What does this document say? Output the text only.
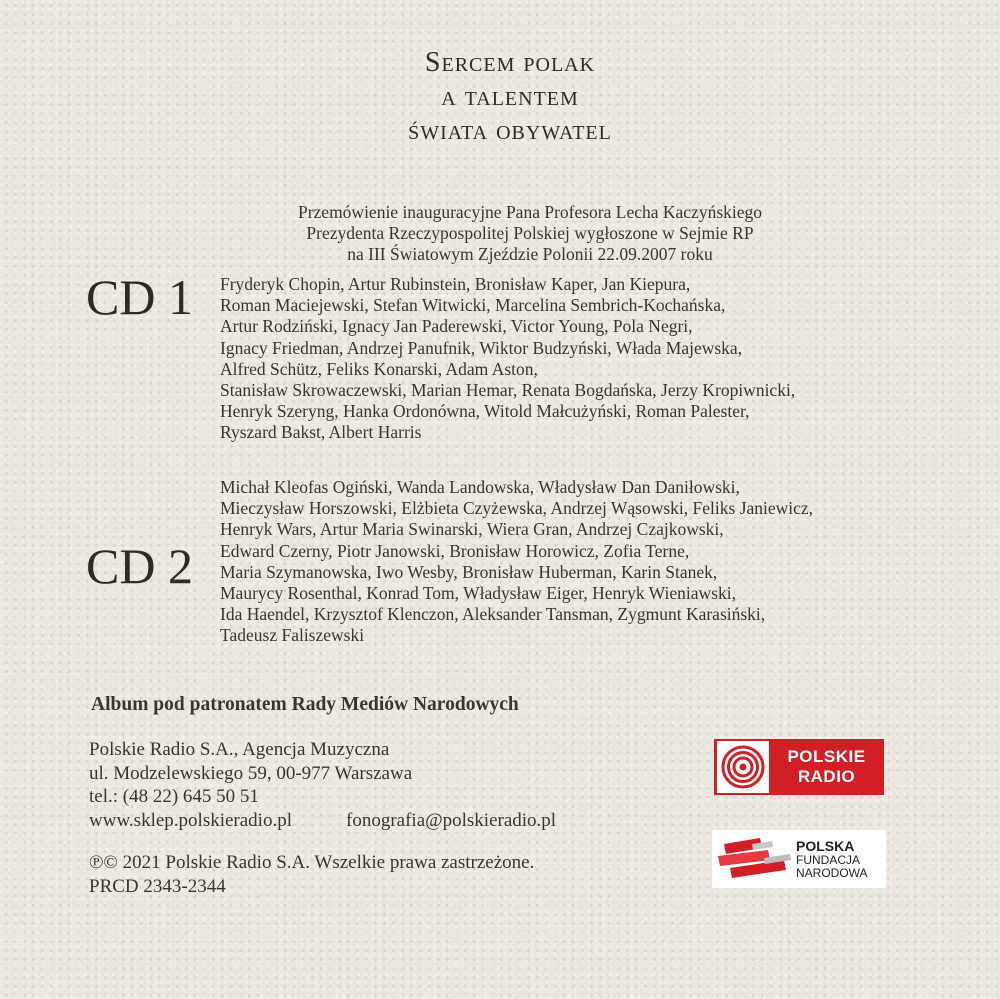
Sercem polak
a talentem
świata obywatel
Przemówienie inauguracyjne Pana Profesora Lecha Kaczyńskiego
Prezydenta Rzeczypospolitej Polskiej wygłoszone w Sejmie RP
na III Światowym Zjeździe Polonii 22.09.2007 roku
CD 1 Fryderyk Chopin, Artur Rubinstein, Bronisław Kaper, Jan Kiepura,
Roman Maciejewski, Stefan Witwicki, Marcelina Sembrich-Kochańska,
Artur Rodziński, Ignacy Jan Paderewski, Victor Young, Pola Negri,
Ignacy Friedman, Andrzej Panufnik, Wiktor Budzyński, Włada Majewska,
Alfred Schütz, Feliks Konarski, Adam Aston,
Stanisław Skrowaczewski, Marian Hemar, Renata Bogdańska, Jerzy Kropiwnicki,
Henryk Szeryng, Hanka Ordonówna, Witold Małcużyński, Roman Palester,
Ryszard Bakst, Albert Harris
CD 2
Michał Kleofas Ogiński, Wanda Landowska, Władysław Dan Daniłowski,
Mieczysław Horszowski, Elżbieta Czyżewska, Andrzej Wąsowski, Feliks Janiewicz,
Henryk Wars, Artur Maria Swinarski, Wiera Gran, Andrzej Czajkowski,
Edward Czerny, Piotr Janowski, Bronisław Horowicz, Zofia Terne,
Maria Szymanowska, Iwo Wesby, Bronisław Huberman, Karin Stanek,
Maurycy Rosenthal, Konrad Tom, Władysław Eiger, Henryk Wieniawski,
Ida Haendel, Krzysztof Klenczon, Aleksander Tansman, Zygmunt Karasiński,
Tadeusz Faliszewski
Album pod patronatem Rady Mediów Narodowych
Polskie Radio S.A., Agencja Muzyczna
ul. Modzelewskiego 59, 00-977 Warszawa
tel.: (48 22) 645 50 51
www.sklep.polskieradio.pl	fonografia@polskieradio.pl
℗© 2021 Polskie Radio S.A. Wszelkie prawa zastrzeżone.
PRCD 2343-2344
POLSKIE
RADIO
POLSKA
FUNDACJA
NARODOWA
